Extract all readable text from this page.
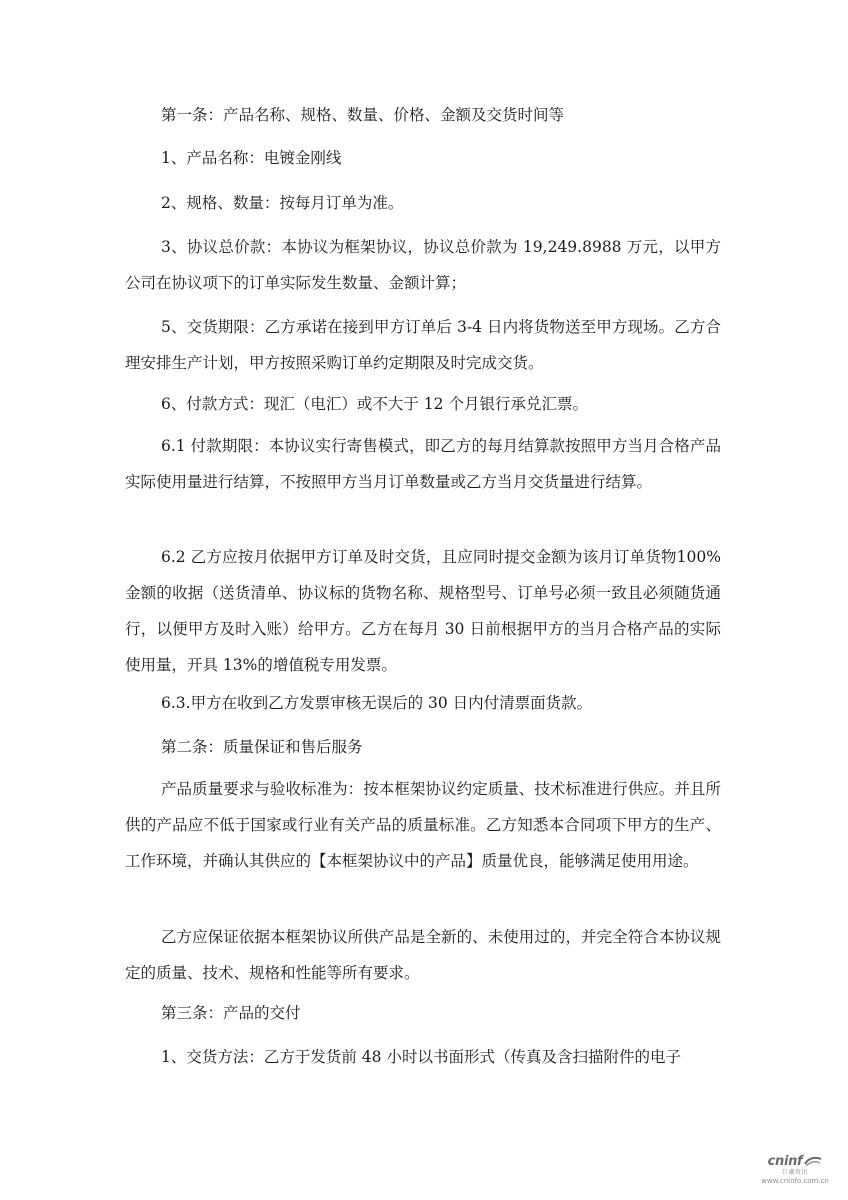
第一条：产品名称、规格、数量、价格、金额及交货时间等

1、产品名称：电镀金刚线

2、规格、数量：按每月订单为准。

3、协议总价款：本协议为框架协议，协议总价款为 19,249.8988 万元，以甲方公司在协议项下的订单实际发生数量、金额计算；

5、交货期限：乙方承诺在接到甲方订单后 3-4 日内将货物送至甲方现场。乙方合理安排生产计划，甲方按照采购订单约定期限及时完成交货。

6、付款方式：现汇（电汇）或不大于 12 个月银行承兑汇票。

6.1 付款期限：本协议实行寄售模式，即乙方的每月结算款按照甲方当月合格产品实际使用量进行结算，不按照甲方当月订单数量或乙方当月交货量进行结算。

6.2 乙方应按月依据甲方订单及时交货，且应同时提交金额为该月订单货物100%金额的收据（送货清单、协议标的货物名称、规格型号、订单号必须一致且必须随货通行，以便甲方及时入账）给甲方。乙方在每月 30 日前根据甲方的当月合格产品的实际使用量，开具 13%的增值税专用发票。

6.3.甲方在收到乙方发票审核无误后的 30 日内付清票面货款。

第二条：质量保证和售后服务

产品质量要求与验收标准为：按本框架协议约定质量、技术标准进行供应。并且所供的产品应不低于国家或行业有关产品的质量标准。乙方知悉本合同项下甲方的生产、工作环境，并确认其供应的【本框架协议中的产品】质量优良，能够满足使用用途。

乙方应保证依据本框架协议所供产品是全新的、未使用过的，并完全符合本协议规定的质量、技术、规格和性能等所有要求。

第三条：产品的交付

1、交货方法：乙方于发货前 48 小时以书面形式（传真及含扫描附件的电子

cninf
巨潮资讯
www.cninfo.com.cn
